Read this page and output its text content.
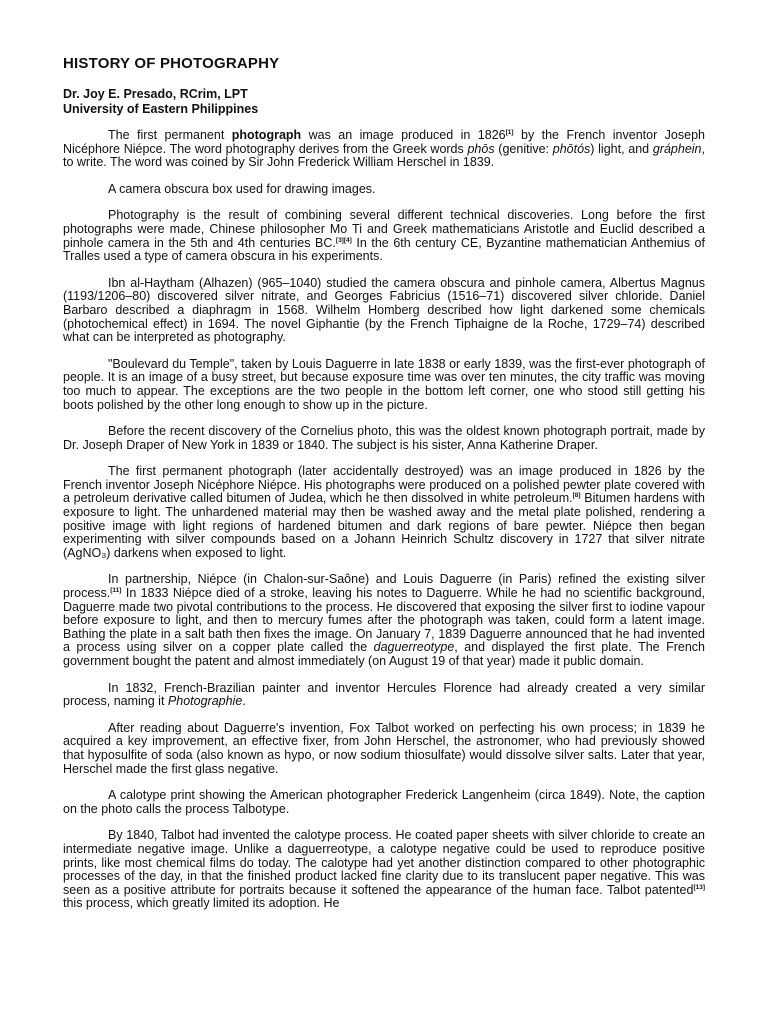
HISTORY OF PHOTOGRAPHY
Dr. Joy E. Presado, RCrim, LPT
University of Eastern Philippines

The first permanent photograph was an image produced in 1826[1] by the French inventor Joseph Nicéphore Niépce. The word photography derives from the Greek words phōs (genitive: phōtós) light, and gráphein, to write. The word was coined by Sir John Frederick William Herschel in 1839.

A camera obscura box used for drawing images.

Photography is the result of combining several different technical discoveries. Long before the first photographs were made, Chinese philosopher Mo Ti and Greek mathematicians Aristotle and Euclid described a pinhole camera in the 5th and 4th centuries BC.[3][4] In the 6th century CE, Byzantine mathematician Anthemius of Tralles used a type of camera obscura in his experiments.

Ibn al-Haytham (Alhazen) (965–1040) studied the camera obscura and pinhole camera, Albertus Magnus (1193/1206–80) discovered silver nitrate, and Georges Fabricius (1516–71) discovered silver chloride. Daniel Barbaro described a diaphragm in 1568. Wilhelm Homberg described how light darkened some chemicals (photochemical effect) in 1694. The novel Giphantie (by the French Tiphaigne de la Roche, 1729–74) described what can be interpreted as photography.

"Boulevard du Temple", taken by Louis Daguerre in late 1838 or early 1839, was the first-ever photograph of people. It is an image of a busy street, but because exposure time was over ten minutes, the city traffic was moving too much to appear. The exceptions are the two people in the bottom left corner, one who stood still getting his boots polished by the other long enough to show up in the picture.

Before the recent discovery of the Cornelius photo, this was the oldest known photograph portrait, made by Dr. Joseph Draper of New York in 1839 or 1840. The subject is his sister, Anna Katherine Draper.

The first permanent photograph (later accidentally destroyed) was an image produced in 1826 by the French inventor Joseph Nicéphore Niépce. His photographs were produced on a polished pewter plate covered with a petroleum derivative called bitumen of Judea, which he then dissolved in white petroleum.[8] Bitumen hardens with exposure to light. The unhardened material may then be washed away and the metal plate polished, rendering a positive image with light regions of hardened bitumen and dark regions of bare pewter. Niépce then began experimenting with silver compounds based on a Johann Heinrich Schultz discovery in 1727 that silver nitrate (AgNO₃) darkens when exposed to light.

In partnership, Niépce (in Chalon-sur-Saône) and Louis Daguerre (in Paris) refined the existing silver process.[11] In 1833 Niépce died of a stroke, leaving his notes to Daguerre. While he had no scientific background, Daguerre made two pivotal contributions to the process. He discovered that exposing the silver first to iodine vapour before exposure to light, and then to mercury fumes after the photograph was taken, could form a latent image. Bathing the plate in a salt bath then fixes the image. On January 7, 1839 Daguerre announced that he had invented a process using silver on a copper plate called the daguerreotype, and displayed the first plate. The French government bought the patent and almost immediately (on August 19 of that year) made it public domain.

In 1832, French-Brazilian painter and inventor Hercules Florence had already created a very similar process, naming it Photographie.

After reading about Daguerre's invention, Fox Talbot worked on perfecting his own process; in 1839 he acquired a key improvement, an effective fixer, from John Herschel, the astronomer, who had previously showed that hyposulfite of soda (also known as hypo, or now sodium thiosulfate) would dissolve silver salts. Later that year, Herschel made the first glass negative.

A calotype print showing the American photographer Frederick Langenheim (circa 1849). Note, the caption on the photo calls the process Talbotype.

By 1840, Talbot had invented the calotype process. He coated paper sheets with silver chloride to create an intermediate negative image. Unlike a daguerreotype, a calotype negative could be used to reproduce positive prints, like most chemical films do today. The calotype had yet another distinction compared to other photographic processes of the day, in that the finished product lacked fine clarity due to its translucent paper negative. This was seen as a positive attribute for portraits because it softened the appearance of the human face. Talbot patented[13] this process, which greatly limited its adoption. He
